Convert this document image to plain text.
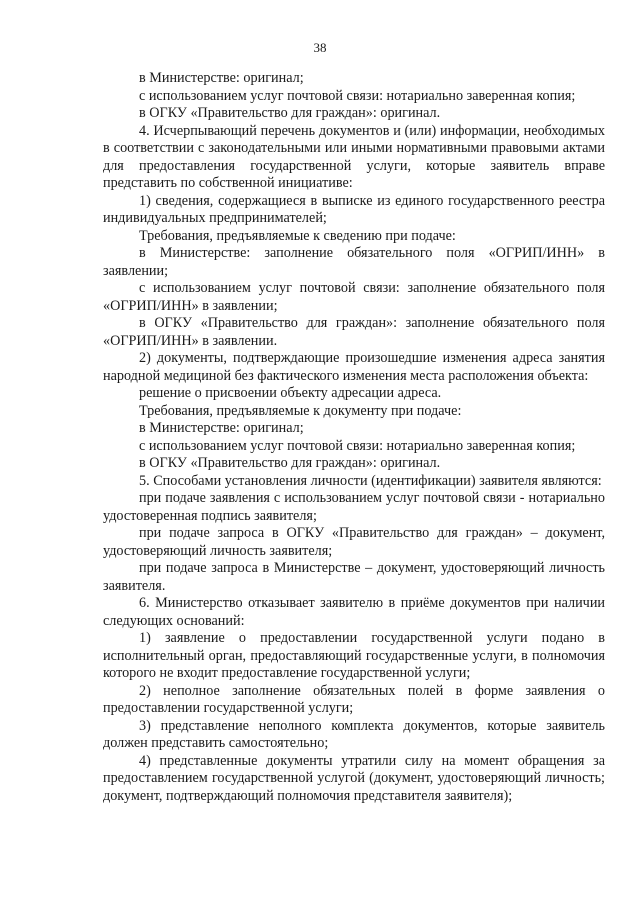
38

в Министерстве: оригинал;

с использованием услуг почтовой связи: нотариально заверенная копия;

в ОГКУ «Правительство для граждан»: оригинал.

4. Исчерпывающий перечень документов и (или) информации, необходимых в соответствии с законодательными или иными нормативными правовыми актами для предоставления государственной услуги, которые заявитель вправе представить по собственной инициативе:

1) сведения, содержащиеся в выписке из единого государственного реестра индивидуальных предпринимателей;

Требования, предъявляемые к сведению при подаче:

в Министерстве: заполнение обязательного поля «ОГРИП/ИНН» в заявлении;

с использованием услуг почтовой связи: заполнение обязательного поля «ОГРИП/ИНН» в заявлении;

в ОГКУ «Правительство для граждан»: заполнение обязательного поля «ОГРИП/ИНН» в заявлении.

2) документы, подтверждающие произошедшие изменения адреса занятия народной медициной без фактического изменения места расположения объекта:

решение о присвоении объекту адресации адреса.

Требования, предъявляемые к документу при подаче:

в Министерстве: оригинал;

с использованием услуг почтовой связи: нотариально заверенная копия;

в ОГКУ «Правительство для граждан»: оригинал.

5. Способами установления личности (идентификации) заявителя являются:

при подаче заявления с использованием услуг почтовой связи - нотариально удостоверенная подпись заявителя;

при подаче запроса в ОГКУ «Правительство для граждан» – документ, удостоверяющий личность заявителя;

при подаче запроса в Министерстве – документ, удостоверяющий личность заявителя.

6. Министерство отказывает заявителю в приёме документов при наличии следующих оснований:

1) заявление о предоставлении государственной услуги подано в исполнительный орган, предоставляющий государственные услуги, в полномочия которого не входит предоставление государственной услуги;

2) неполное заполнение обязательных полей в форме заявления о предоставлении государственной услуги;

3) представление неполного комплекта документов, которые заявитель должен представить самостоятельно;

4) представленные документы утратили силу на момент обращения за предоставлением государственной услугой (документ, удостоверяющий личность; документ, подтверждающий полномочия представителя заявителя);
